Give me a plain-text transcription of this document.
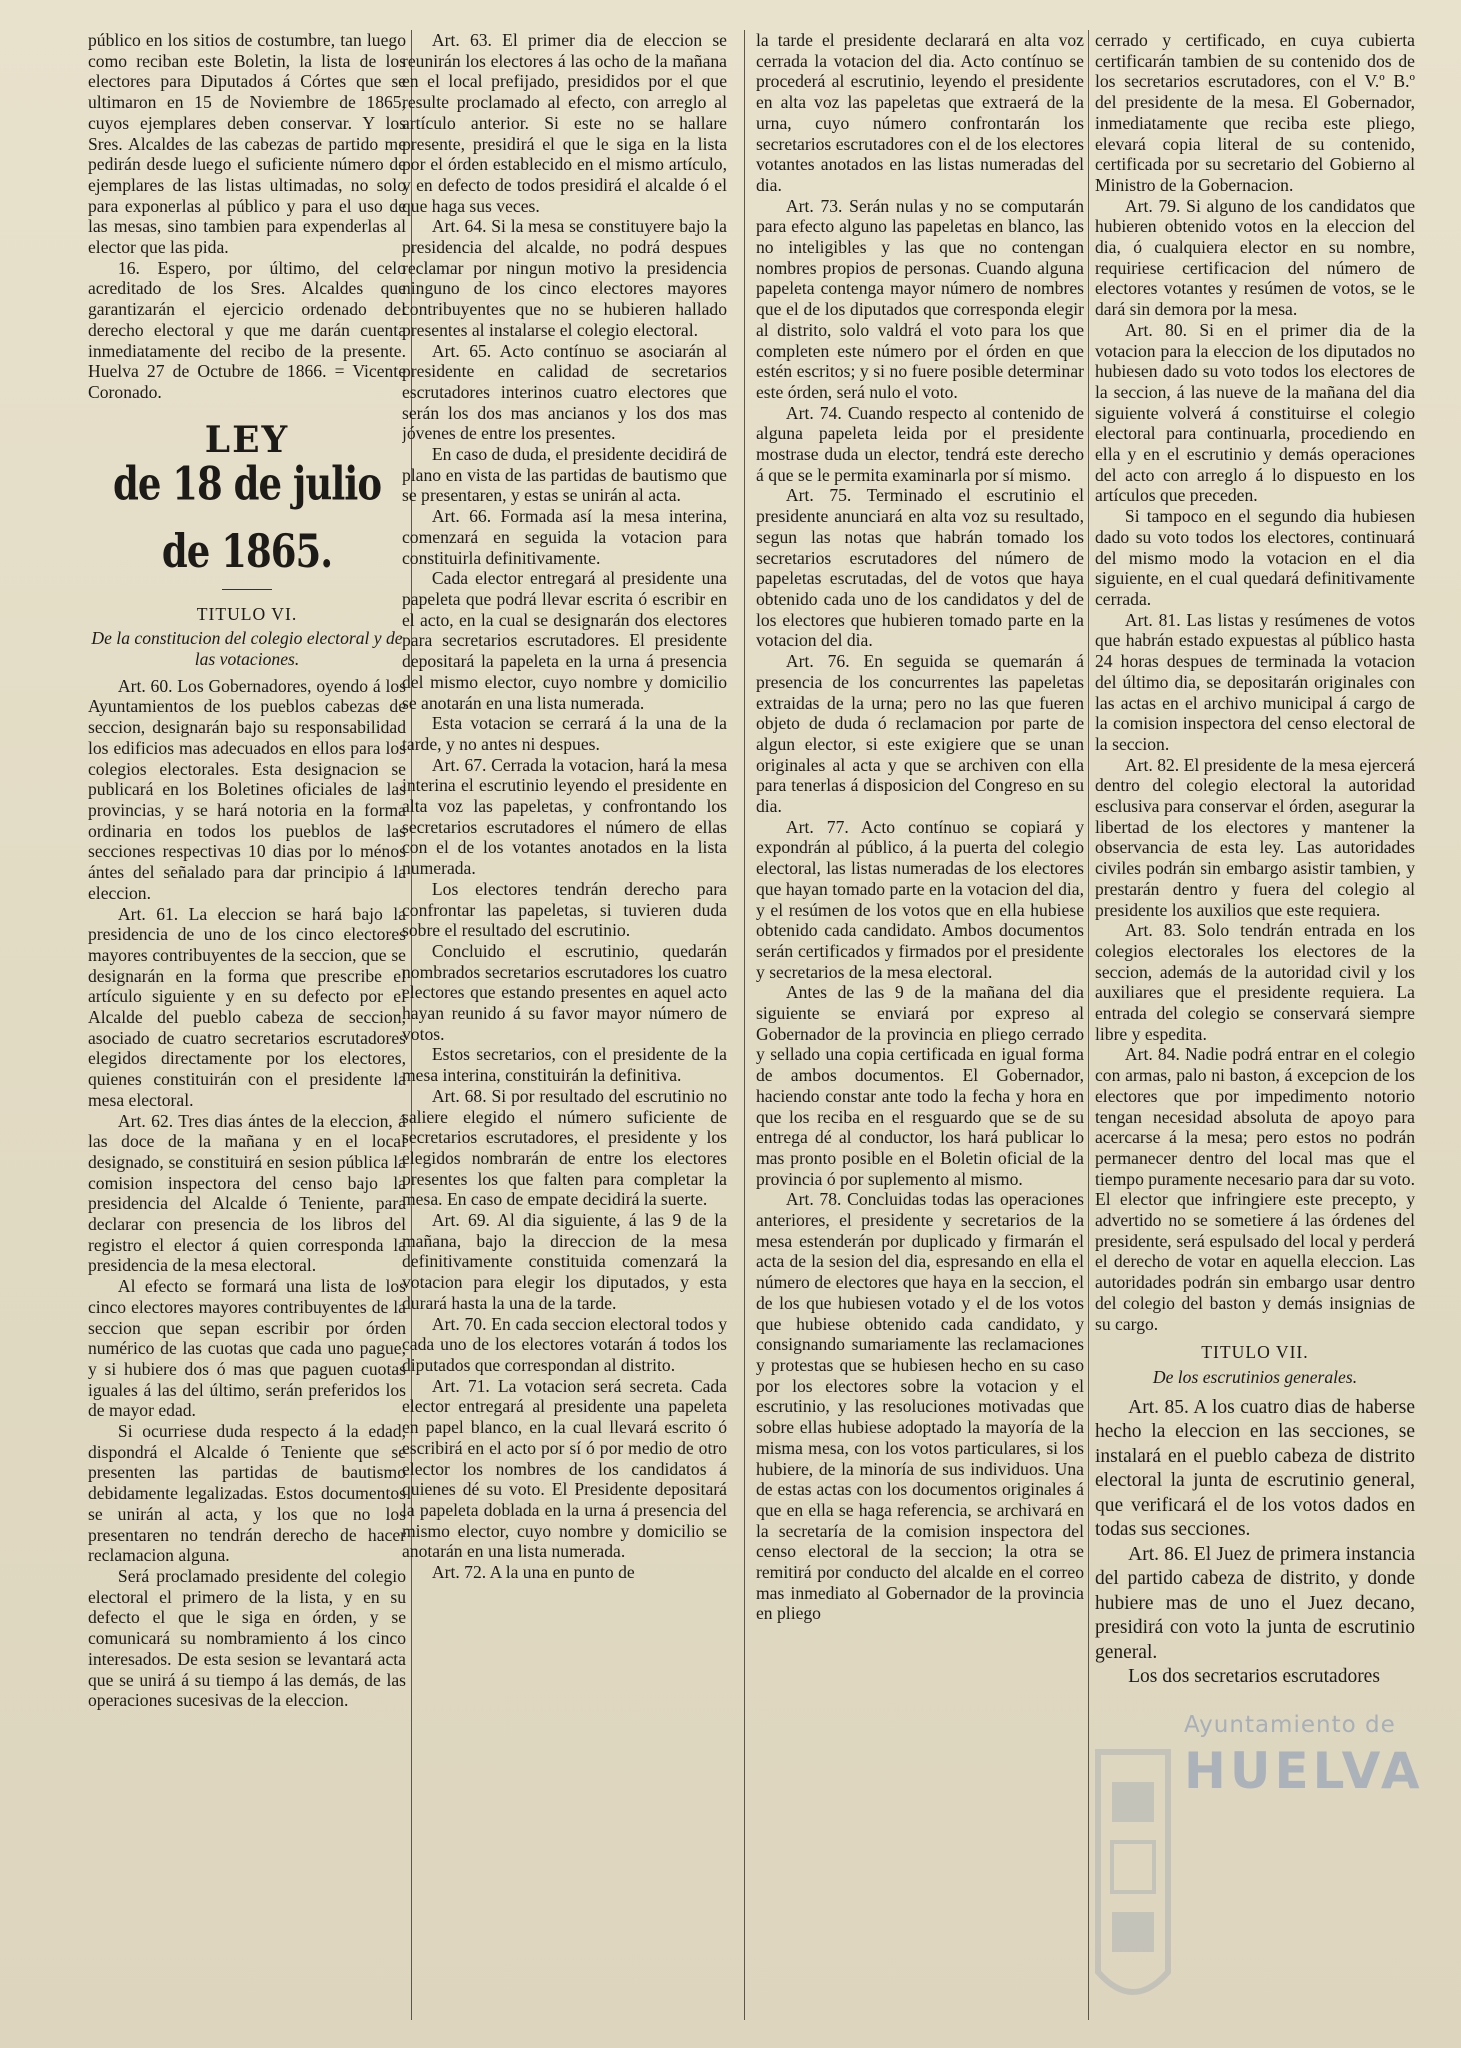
público en los sitios de costumbre, tan luego como reciban este Boletin, la lista de los electores para Diputados á Córtes que se ultimaron en 15 de Noviembre de 1865, cuyos ejemplares deben conservar. Y los Sres. Alcaldes de las cabezas de partido me pedirán desde luego el suficiente número de ejemplares de las listas ultimadas, no solo para exponerlas al público y para el uso de las mesas, sino tambien para expenderlas al elector que las pida.

16. Espero, por último, del celo acreditado de los Sres. Alcaldes que garantizarán el ejercicio ordenado del derecho electoral y que me darán cuenta inmediatamente del recibo de la presente. Huelva 27 de Octubre de 1866. = Vicente Coronado.

LEY
de 18 de julio de 1865.
TITULO VI.
De la constitucion del colegio electoral y de las votaciones.

Art. 60. Los Gobernadores, oyendo á los Ayuntamientos de los pueblos cabezas de seccion, designarán bajo su responsabilidad los edificios mas adecuados en ellos para los colegios electorales. Esta designacion se publicará en los Boletines oficiales de las provincias, y se hará notoria en la forma ordinaria en todos los pueblos de las secciones respectivas 10 dias por lo ménos ántes del señalado para dar principio á la eleccion.

Art. 61. La eleccion se hará bajo la presidencia de uno de los cinco electores mayores contribuyentes de la seccion, que se designarán en la forma que prescribe el artículo siguiente y en su defecto por el Alcalde del pueblo cabeza de seccion, asociado de cuatro secretarios escrutadores elegidos directamente por los electores, quienes constituirán con el presidente la mesa electoral.

Art. 62. Tres dias ántes de la eleccion, á las doce de la mañana y en el local designado, se constituirá en sesion pública la comision inspectora del censo bajo la presidencia del Alcalde ó Teniente, para declarar con presencia de los libros del registro el elector á quien corresponda la presidencia de la mesa electoral.

Al efecto se formará una lista de los cinco electores mayores contribuyentes de la seccion que sepan escribir por órden numérico de las cuotas que cada uno pague, y si hubiere dos ó mas que paguen cuotas iguales á las del último, serán preferidos los de mayor edad.

Si ocurriese duda respecto á la edad, dispondrá el Alcalde ó Teniente que se presenten las partidas de bautismo debidamente legalizadas. Estos documentos se unirán al acta, y los que no los presentaren no tendrán derecho de hacer reclamacion alguna.

Será proclamado presidente del colegio electoral el primero de la lista, y en su defecto el que le siga en órden, y se comunicará su nombramiento á los cinco interesados. De esta sesion se levantará acta que se unirá á su tiempo á las demás, de las operaciones sucesivas de la eleccion.

Art. 63. El primer dia de eleccion se reunirán los electores á las ocho de la mañana en el local prefijado, presididos por el que resulte proclamado al efecto, con arreglo al artículo anterior. Si este no se hallare presente, presidirá el que le siga en la lista por el órden establecido en el mismo artículo, y en defecto de todos presidirá el alcalde ó el que haga sus veces.

Art. 64. Si la mesa se constituyere bajo la presidencia del alcalde, no podrá despues reclamar por ningun motivo la presidencia ninguno de los cinco electores mayores contribuyentes que no se hubieren hallado presentes al instalarse el colegio electoral.

Art. 65. Acto contínuo se asociarán al presidente en calidad de secretarios escrutadores interinos cuatro electores que serán los dos mas ancianos y los dos mas jóvenes de entre los presentes.

En caso de duda, el presidente decidirá de plano en vista de las partidas de bautismo que se presentaren, y estas se unirán al acta.

Art. 66. Formada así la mesa interina, comenzará en seguida la votacion para constituirla definitivamente.

Cada elector entregará al presidente una papeleta que podrá llevar escrita ó escribir en el acto, en la cual se designarán dos electores para secretarios escrutadores. El presidente depositará la papeleta en la urna á presencia del mismo elector, cuyo nombre y domicilio se anotarán en una lista numerada.

Esta votacion se cerrará á la una de la tarde, y no antes ni despues.

Art. 67. Cerrada la votacion, hará la mesa interina el escrutinio leyendo el presidente en alta voz las papeletas, y confrontando los secretarios escrutadores el número de ellas con el de los votantes anotados en la lista numerada.

Los electores tendrán derecho para confrontar las papeletas, si tuvieren duda sobre el resultado del escrutinio.

Concluido el escrutinio, quedarán nombrados secretarios escrutadores los cuatro electores que estando presentes en aquel acto hayan reunido á su favor mayor número de votos.

Estos secretarios, con el presidente de la mesa interina, constituirán la definitiva.

Art. 68. Si por resultado del escrutinio no saliere elegido el número suficiente de secretarios escrutadores, el presidente y los elegidos nombrarán de entre los electores presentes los que falten para completar la mesa. En caso de empate decidirá la suerte.

Art. 69. Al dia siguiente, á las 9 de la mañana, bajo la direccion de la mesa definitivamente constituida comenzará la votacion para elegir los diputados, y esta durará hasta la una de la tarde.

Art. 70. En cada seccion electoral todos y cada uno de los electores votarán á todos los diputados que correspondan al distrito.

Art. 71. La votacion será secreta. Cada elector entregará al presidente una papeleta en papel blanco, en la cual llevará escrito ó escribirá en el acto por sí ó por medio de otro elector los nombres de los candidatos á quienes dé su voto. El Presidente depositará la papeleta doblada en la urna á presencia del mismo elector, cuyo nombre y domicilio se anotarán en una lista numerada.

Art. 72. A la una en punto de

la tarde el presidente declarará en alta voz cerrada la votacion del dia. Acto contínuo se procederá al escrutinio, leyendo el presidente en alta voz las papeletas que extraerá de la urna, cuyo número confrontarán los secretarios escrutadores con el de los electores votantes anotados en las listas numeradas del dia.

Art. 73. Serán nulas y no se computarán para efecto alguno las papeletas en blanco, las no inteligibles y las que no contengan nombres propios de personas. Cuando alguna papeleta contenga mayor número de nombres que el de los diputados que corresponda elegir al distrito, solo valdrá el voto para los que completen este número por el órden en que estén escritos; y si no fuere posible determinar este órden, será nulo el voto.

Art. 74. Cuando respecto al contenido de alguna papeleta leida por el presidente mostrase duda un elector, tendrá este derecho á que se le permita examinarla por sí mismo.

Art. 75. Terminado el escrutinio el presidente anunciará en alta voz su resultado, segun las notas que habrán tomado los secretarios escrutadores del número de papeletas escrutadas, del de votos que haya obtenido cada uno de los candidatos y del de los electores que hubieren tomado parte en la votacion del dia.

Art. 76. En seguida se quemarán á presencia de los concurrentes las papeletas extraidas de la urna; pero no las que fueren objeto de duda ó reclamacion por parte de algun elector, si este exigiere que se unan originales al acta y que se archiven con ella para tenerlas á disposicion del Congreso en su dia.

Art. 77. Acto contínuo se copiará y expondrán al público, á la puerta del colegio electoral, las listas numeradas de los electores que hayan tomado parte en la votacion del dia, y el resúmen de los votos que en ella hubiese obtenido cada candidato. Ambos documentos serán certificados y firmados por el presidente y secretarios de la mesa electoral.

Antes de las 9 de la mañana del dia siguiente se enviará por expreso al Gobernador de la provincia en pliego cerrado y sellado una copia certificada en igual forma de ambos documentos. El Gobernador, haciendo constar ante todo la fecha y hora en que los reciba en el resguardo que se de su entrega dé al conductor, los hará publicar lo mas pronto posible en el Boletin oficial de la provincia ó por suplemento al mismo.

Art. 78. Concluidas todas las operaciones anteriores, el presidente y secretarios de la mesa estenderán por duplicado y firmarán el acta de la sesion del dia, espresando en ella el número de electores que haya en la seccion, el de los que hubiesen votado y el de los votos que hubiese obtenido cada candidato, y consignando sumariamente las reclamaciones y protestas que se hubiesen hecho en su caso por los electores sobre la votacion y el escrutinio, y las resoluciones motivadas que sobre ellas hubiese adoptado la mayoría de la misma mesa, con los votos particulares, si los hubiere, de la minoría de sus individuos. Una de estas actas con los documentos originales á que en ella se haga referencia, se archivará en la secretaría de la comision inspectora del censo electoral de la seccion; la otra se remitirá por conducto del alcalde en el correo mas inmediato al Gobernador de la provincia en pliego

cerrado y certificado, en cuya cubierta certificarán tambien de su contenido dos de los secretarios escrutadores, con el V.º B.º del presidente de la mesa. El Gobernador, inmediatamente que reciba este pliego, elevará copia literal de su contenido, certificada por su secretario del Gobierno al Ministro de la Gobernacion.

Art. 79. Si alguno de los candidatos que hubieren obtenido votos en la eleccion del dia, ó cualquiera elector en su nombre, requiriese certificacion del número de electores votantes y resúmen de votos, se le dará sin demora por la mesa.

Art. 80. Si en el primer dia de la votacion para la eleccion de los diputados no hubiesen dado su voto todos los electores de la seccion, á las nueve de la mañana del dia siguiente volverá á constituirse el colegio electoral para continuarla, procediendo en ella y en el escrutinio y demás operaciones del acto con arreglo á lo dispuesto en los artículos que preceden.

Si tampoco en el segundo dia hubiesen dado su voto todos los electores, continuará del mismo modo la votacion en el dia siguiente, en el cual quedará definitivamente cerrada.

Art. 81. Las listas y resúmenes de votos que habrán estado expuestas al público hasta 24 horas despues de terminada la votacion del último dia, se depositarán originales con las actas en el archivo municipal á cargo de la comision inspectora del censo electoral de la seccion.

Art. 82. El presidente de la mesa ejercerá dentro del colegio electoral la autoridad esclusiva para conservar el órden, asegurar la libertad de los electores y mantener la observancia de esta ley. Las autoridades civiles podrán sin embargo asistir tambien, y prestarán dentro y fuera del colegio al presidente los auxilios que este requiera.

Art. 83. Solo tendrán entrada en los colegios electorales los electores de la seccion, además de la autoridad civil y los auxiliares que el presidente requiera. La entrada del colegio se conservará siempre libre y espedita.

Art. 84. Nadie podrá entrar en el colegio con armas, palo ni baston, á excepcion de los electores que por impedimento notorio tengan necesidad absoluta de apoyo para acercarse á la mesa; pero estos no podrán permanecer dentro del local mas que el tiempo puramente necesario para dar su voto. El elector que infringiere este precepto, y advertido no se sometiere á las órdenes del presidente, será espulsado del local y perderá el derecho de votar en aquella eleccion. Las autoridades podrán sin embargo usar dentro del colegio del baston y demás insignias de su cargo.

TITULO VII.
De los escrutinios generales.

Art. 85. A los cuatro dias de haberse hecho la eleccion en las secciones, se instalará en el pueblo cabeza de distrito electoral la junta de escrutinio general, que verificará el de los votos dados en todas sus secciones.

Art. 86. El Juez de primera instancia del partido cabeza de distrito, y donde hubiere mas de uno el Juez decano, presidirá con voto la junta de escrutinio general.

Los dos secretarios escrutadores

Ayuntamiento de
HUELVA
